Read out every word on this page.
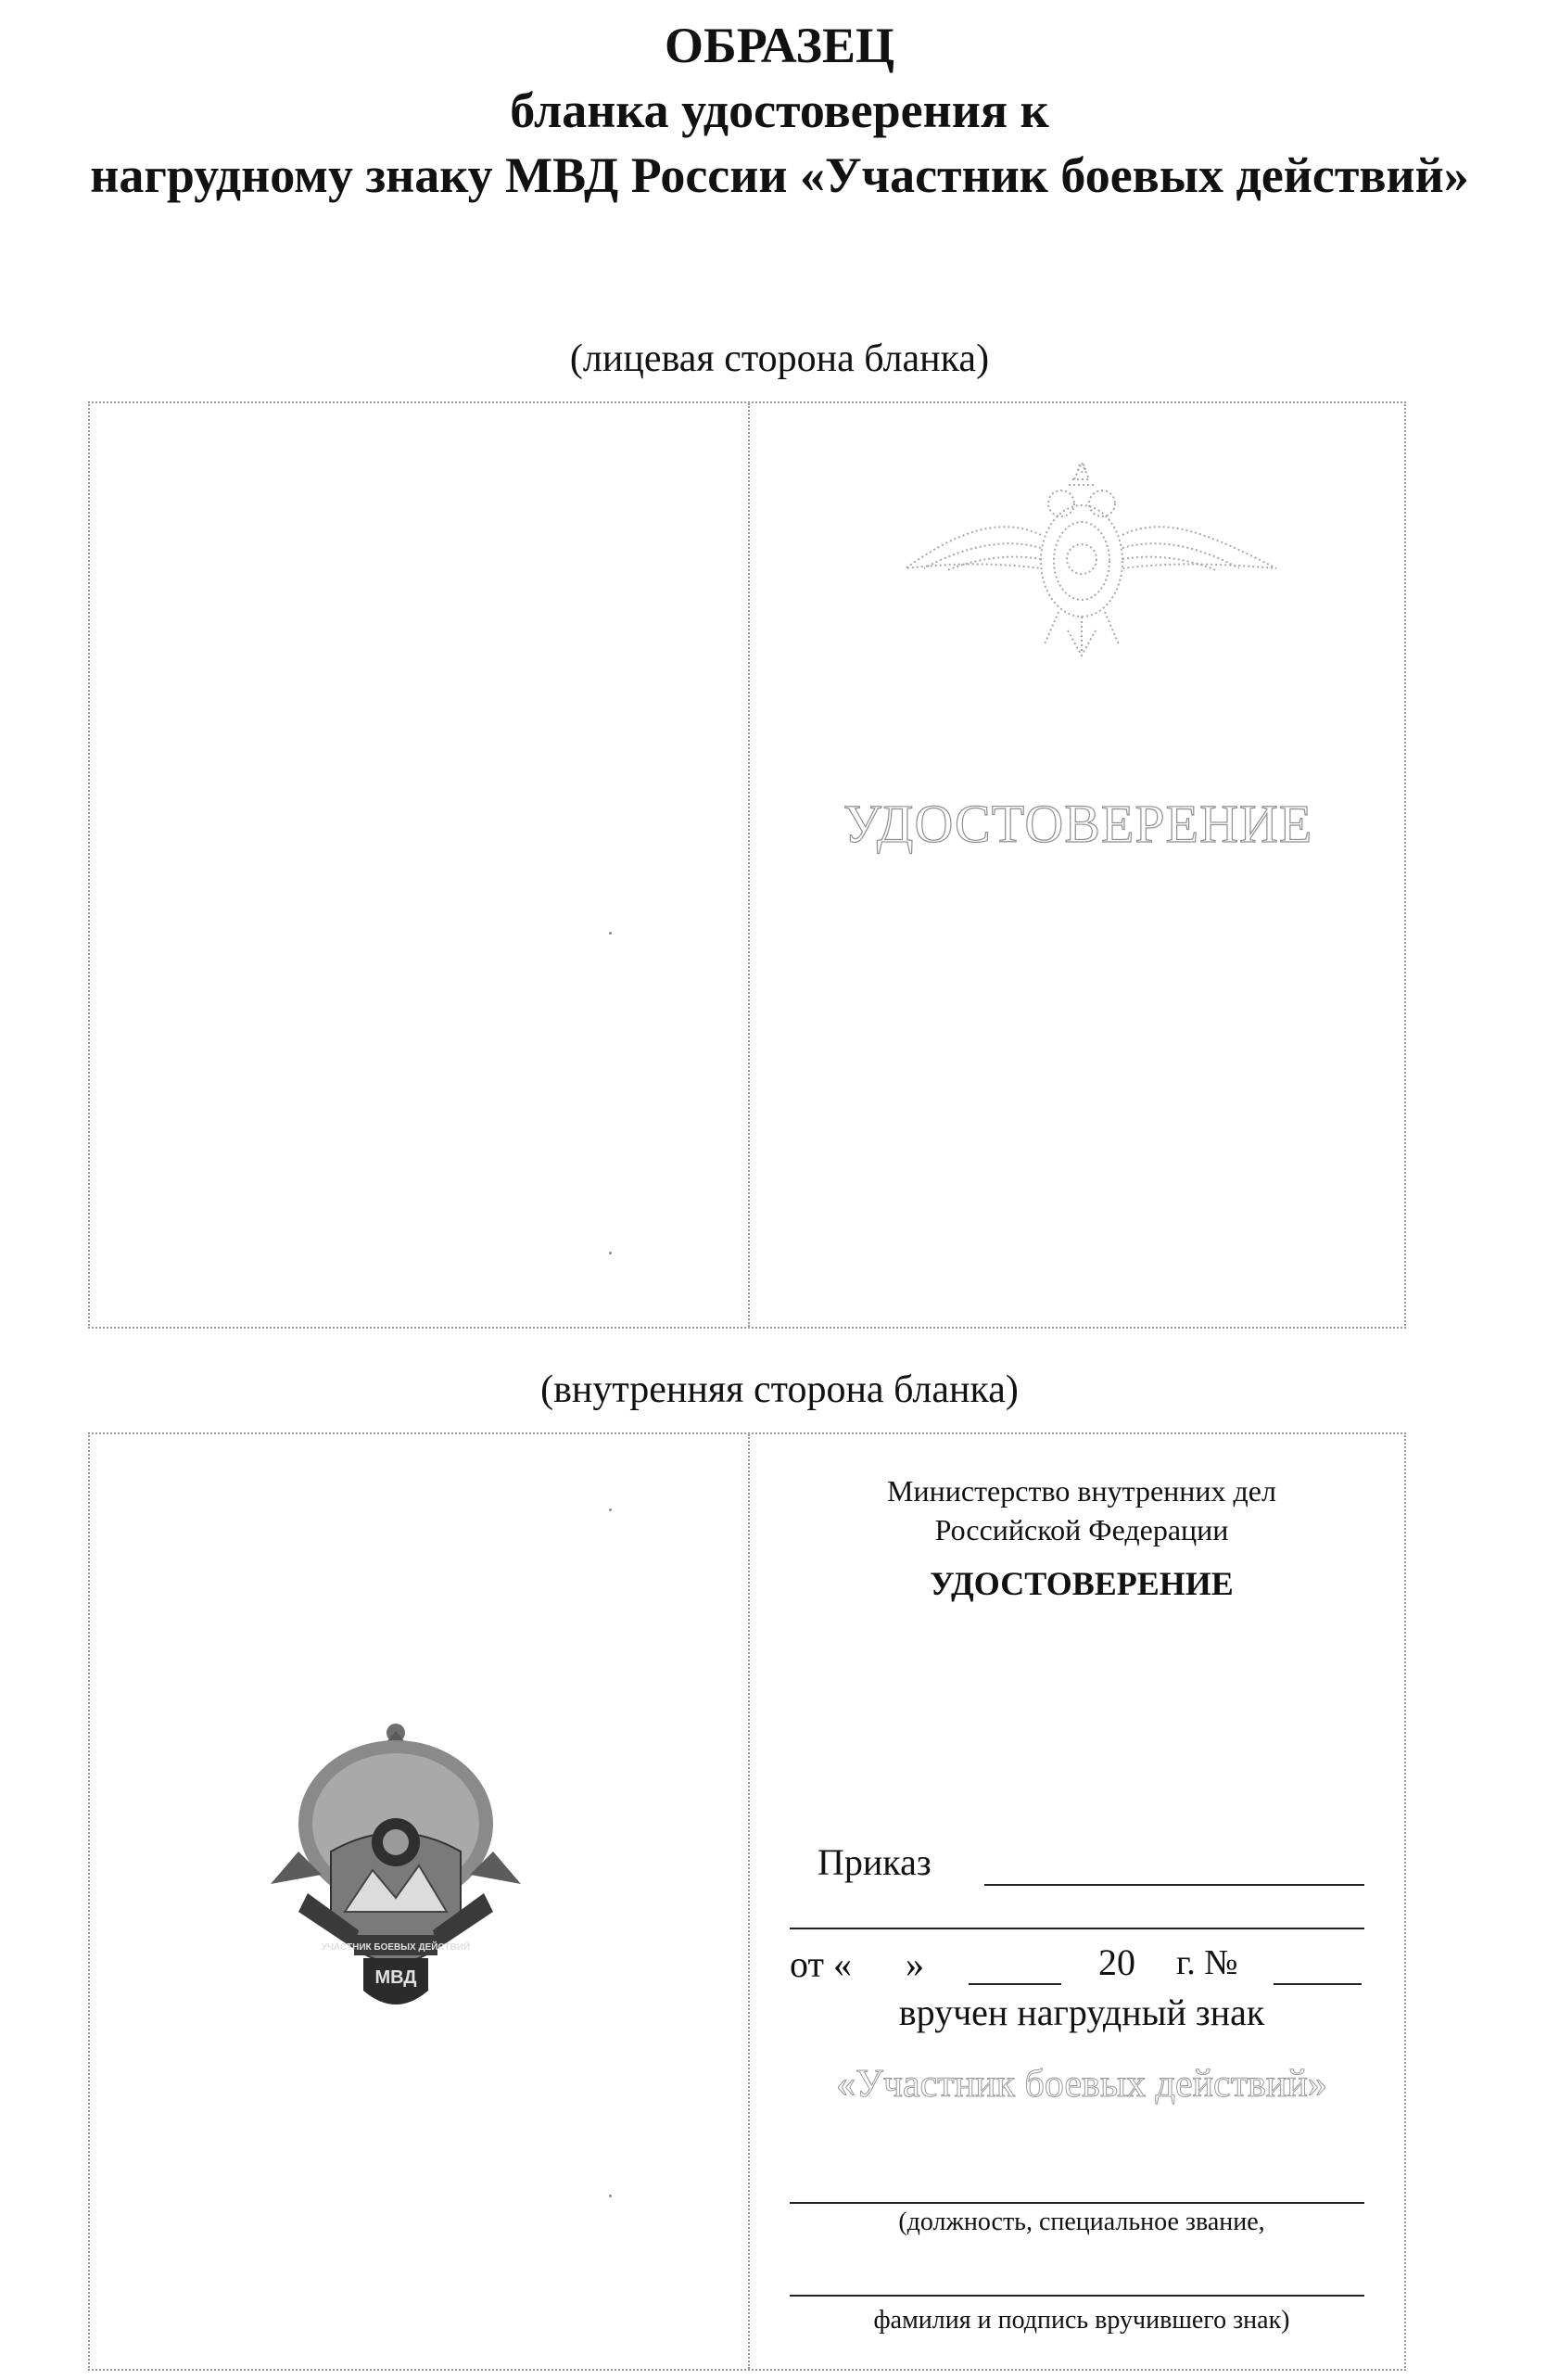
ОБРАЗЕЦ
бланка удостоверения к
нагрудному знаку МВД России «Участник боевых действий»
(лицевая сторона бланка)
УДОСТОВЕРЕНИЕ
(внутренняя сторона бланка)
МВД
УЧАСТНИК БОЕВЫХ ДЕЙСТВИЙ
Министерство внутренних дел
Российской Федерации
УДОСТОВЕРЕНИЕ
Приказ
от « »	20 г. №
вручен нагрудный знак
«Участник боевых действий»
(должность, специальное звание,
фамилия и подпись вручившего знак)
